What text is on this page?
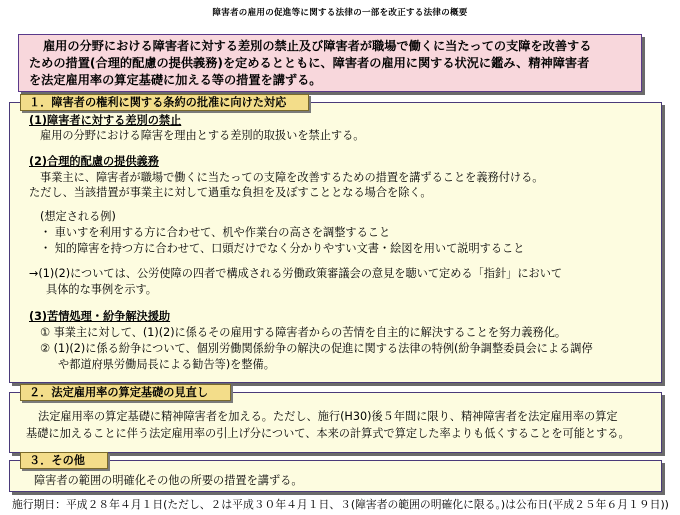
障害者の雇用の促進等に関する法律の一部を改正する法律の概要
雇用の分野における障害者に対する差別の禁止及び障害者が職場で働くに当たっての支障を改善する
ための措置(合理的配慮の提供義務)を定めるとともに、障害者の雇用に関する状況に鑑み、精神障害者
を法定雇用率の算定基礎に加える等の措置を講ずる。
１．障害者の権利に関する条約の批准に向けた対応
(1)障害者に対する差別の禁止
雇用の分野における障害を理由とする差別的取扱いを禁止する。
(2)合理的配慮の提供義務
事業主に、障害者が職場で働くに当たっての支障を改善するための措置を講ずることを義務付ける。
ただし、当該措置が事業主に対して過重な負担を及ぼすこととなる場合を除く。
(想定される例)
・ 車いすを利用する方に合わせて、机や作業台の高さを調整すること
・ 知的障害を持つ方に合わせて、口頭だけでなく分かりやすい文書・絵図を用いて説明すること
→(1)(2)については、公労使障の四者で構成される労働政策審議会の意見を聴いて定める「指針」において
具体的な事例を示す。
(3)苦情処理・紛争解決援助
① 事業主に対して、(1)(2)に係るその雇用する障害者からの苦情を自主的に解決することを努力義務化。
② (1)(2)に係る紛争について、個別労働関係紛争の解決の促進に関する法律の特例(紛争調整委員会による調停
や都道府県労働局長による勧告等)を整備。
２．法定雇用率の算定基礎の見直し
法定雇用率の算定基礎に精神障害者を加える。ただし、施行(H30)後５年間に限り、精神障害者を法定雇用率の算定
基礎に加えることに伴う法定雇用率の引上げ分について、本来の計算式で算定した率よりも低くすることを可能とする。
３．その他
障害者の範囲の明確化その他の所要の措置を講ずる。
施行期日：平成２８年４月１日(ただし、２は平成３０年４月１日、３(障害者の範囲の明確化に限る。)は公布日(平成２５年６月１９日))
